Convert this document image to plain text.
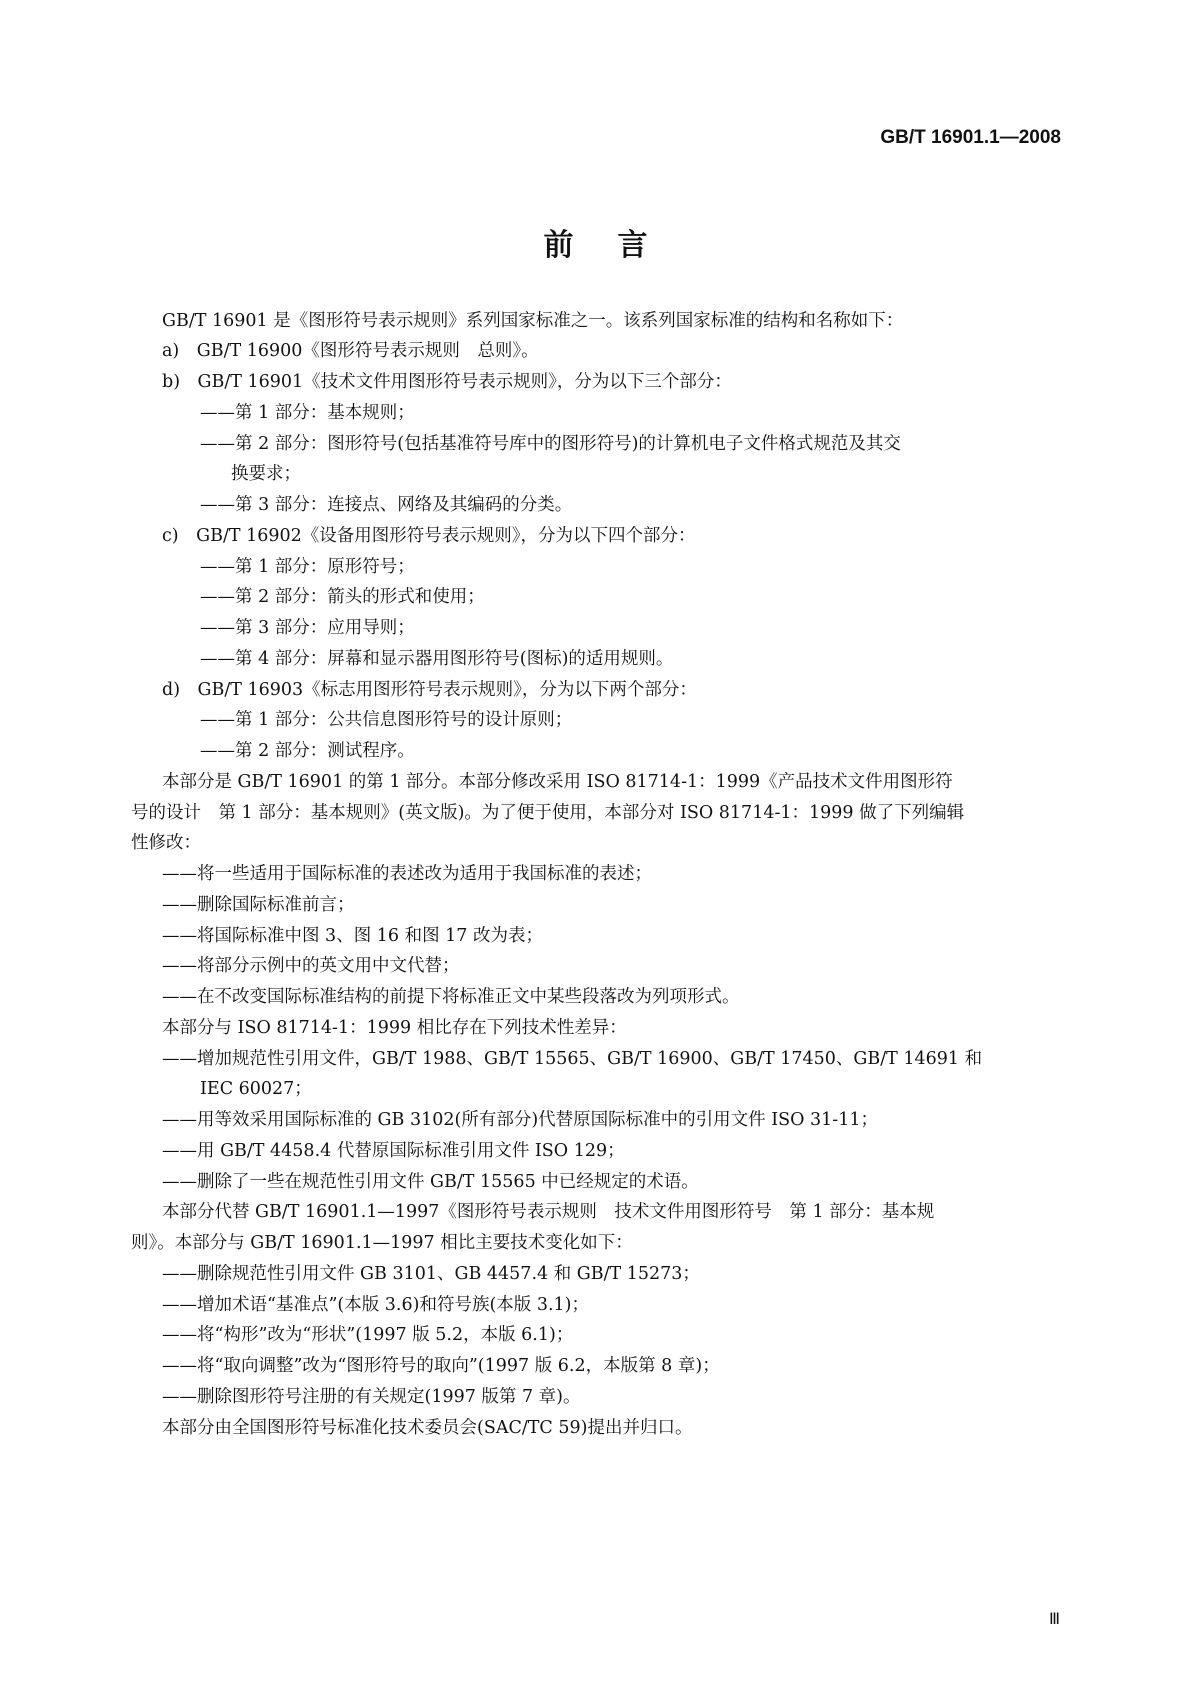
GB/T 16901.1—2008
前言
GB/T 16901 是《图形符号表示规则》系列国家标准之一。该系列国家标准的结构和名称如下：
a)　GB/T 16900《图形符号表示规则　总则》。
b)　GB/T 16901《技术文件用图形符号表示规则》，分为以下三个部分：
——第 1 部分：基本规则；
——第 2 部分：图形符号(包括基准符号库中的图形符号)的计算机电子文件格式规范及其交
换要求；
——第 3 部分：连接点、网络及其编码的分类。
c)　GB/T 16902《设备用图形符号表示规则》，分为以下四个部分：
——第 1 部分：原形符号；
——第 2 部分：箭头的形式和使用；
——第 3 部分：应用导则；
——第 4 部分：屏幕和显示器用图形符号(图标)的适用规则。
d)　GB/T 16903《标志用图形符号表示规则》，分为以下两个部分：
——第 1 部分：公共信息图形符号的设计原则；
——第 2 部分：测试程序。
本部分是 GB/T 16901 的第 1 部分。本部分修改采用 ISO 81714-1：1999《产品技术文件用图形符
号的设计　第 1 部分：基本规则》(英文版)。为了便于使用，本部分对 ISO 81714-1：1999 做了下列编辑
性修改：
——将一些适用于国际标准的表述改为适用于我国标准的表述；
——删除国际标准前言；
——将国际标准中图 3、图 16 和图 17 改为表；
——将部分示例中的英文用中文代替；
——在不改变国际标准结构的前提下将标准正文中某些段落改为列项形式。
本部分与 ISO 81714-1：1999 相比存在下列技术性差异：
——增加规范性引用文件，GB/T 1988、GB/T 15565、GB/T 16900、GB/T 17450、GB/T 14691 和
IEC 60027；
——用等效采用国际标准的 GB 3102(所有部分)代替原国际标准中的引用文件 ISO 31-11；
——用 GB/T 4458.4 代替原国际标准引用文件 ISO 129；
——删除了一些在规范性引用文件 GB/T 15565 中已经规定的术语。
本部分代替 GB/T 16901.1—1997《图形符号表示规则　技术文件用图形符号　第 1 部分：基本规
则》。本部分与 GB/T 16901.1—1997 相比主要技术变化如下：
——删除规范性引用文件 GB 3101、GB 4457.4 和 GB/T 15273；
——增加术语“基准点”(本版 3.6)和符号族(本版 3.1)；
——将“构形”改为“形状”(1997 版 5.2，本版 6.1)；
——将“取向调整”改为“图形符号的取向”(1997 版 6.2，本版第 8 章)；
——删除图形符号注册的有关规定(1997 版第 7 章)。
本部分由全国图形符号标准化技术委员会(SAC/TC 59)提出并归口。
Ⅲ
